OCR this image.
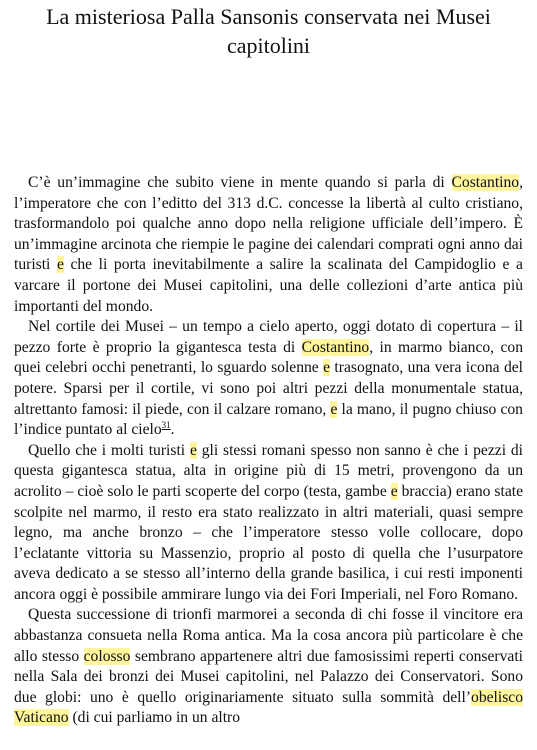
La misteriosa Palla Sansonis conservata nei Musei capitolini

C’è un’immagine che subito viene in mente quando si parla di Costantino, l’imperatore che con l’editto del 313 d.C. concesse la libertà al culto cristiano, trasformandolo poi qualche anno dopo nella religione ufficiale dell’impero. È un’immagine arcinota che riempie le pagine dei calendari comprati ogni anno dai turisti e che li porta inevitabilmente a salire la scalinata del Campidoglio e a varcare il portone dei Musei capitolini, una delle collezioni d’arte antica più importanti del mondo.

Nel cortile dei Musei – un tempo a cielo aperto, oggi dotato di copertura – il pezzo forte è proprio la gigantesca testa di Costantino, in marmo bianco, con quei celebri occhi penetranti, lo sguardo solenne e trasognato, una vera icona del potere. Sparsi per il cortile, vi sono poi altri pezzi della monumentale statua, altrettanto famosi: il piede, con il calzare romano, e la mano, il pugno chiuso con l’indice puntato al cielo$^{31}$.

Quello che i molti turisti e gli stessi romani spesso non sanno è che i pezzi di questa gigantesca statua, alta in origine più di 15 metri, provengono da un acrolito – cioè solo le parti scoperte del corpo (testa, gambe e braccia) erano state scolpite nel marmo, il resto era stato realizzato in altri materiali, quasi sempre legno, ma anche bronzo – che l’imperatore stesso volle collocare, dopo l’eclatante vittoria su Massenzio, proprio al posto di quella che l’usurpatore aveva dedicato a se stesso all’interno della grande basilica, i cui resti imponenti ancora oggi è possibile ammirare lungo via dei Fori Imperiali, nel Foro Romano.

Questa successione di trionfi marmorei a seconda di chi fosse il vincitore era abbastanza consueta nella Roma antica. Ma la cosa ancora più particolare è che allo stesso colosso sembrano appartenere altri due famosissimi reperti conservati nella Sala dei bronzi dei Musei capitolini, nel Palazzo dei Conservatori. Sono due globi: uno è quello originariamente situato sulla sommità dell’obelisco Vaticano (di cui parliamo in un altro
